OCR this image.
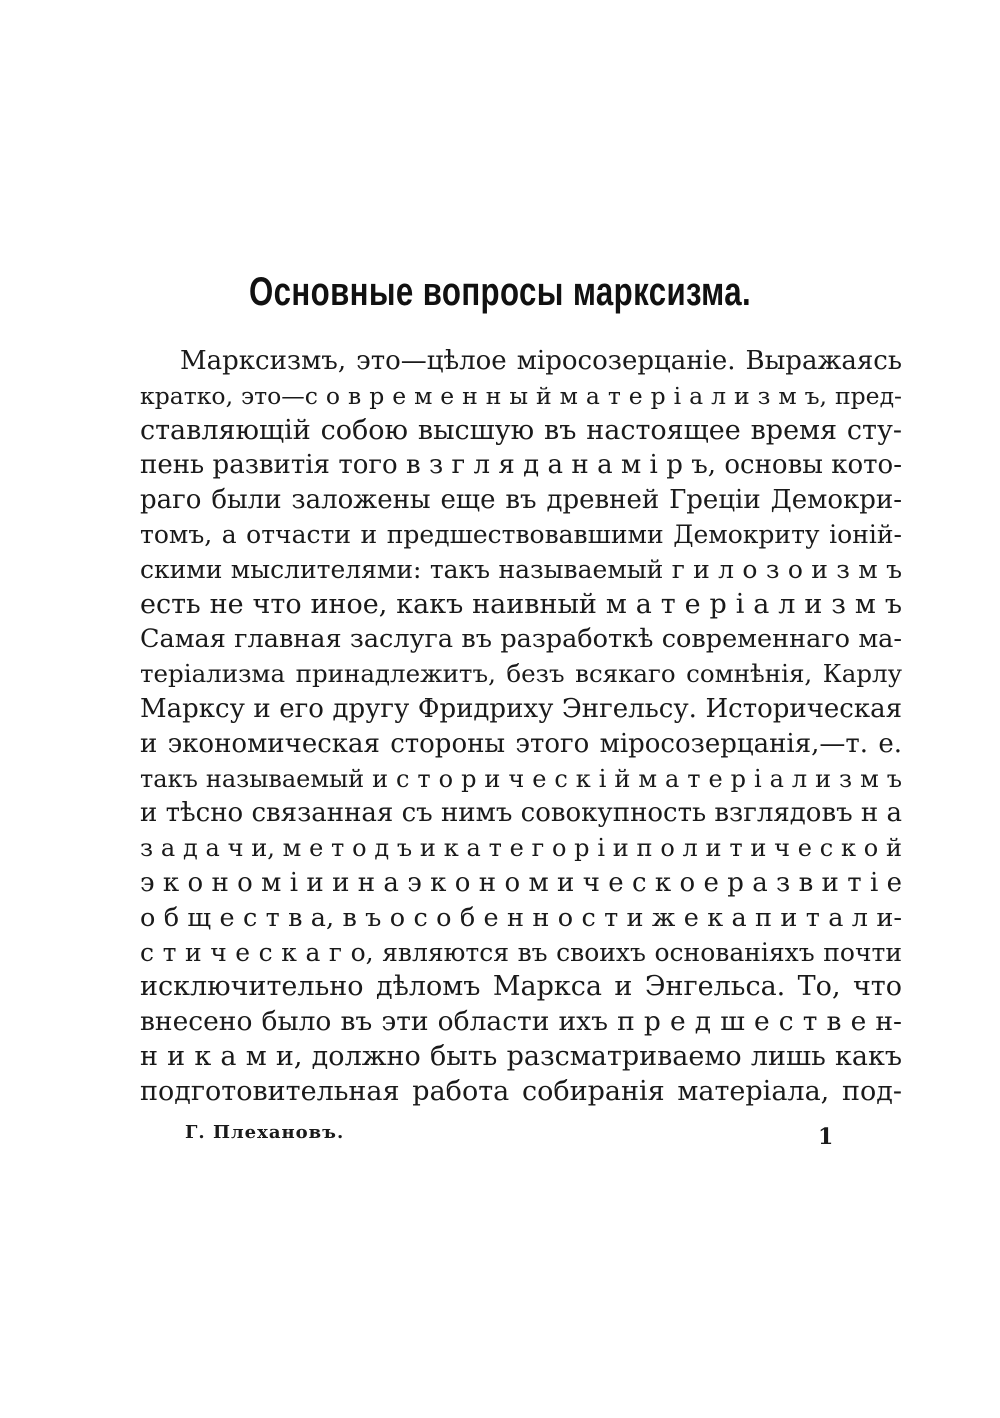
Основные вопросы марксизма.
Марксизмъ, это—цѣлое міросозерцаніе. Выражаясь
кратко, это—с о в р е м е н н ы й м а т е р і а л и з м ъ, пред-
ставляющій собою высшую въ настоящее время сту-
пень развитія того в з г л я д а н а м і р ъ, основы кото-
раго были заложены еще въ древней Греціи Демокри-
томъ, а отчасти и предшествовавшими Демокриту іоній-
скими мыслителями: такъ называемый г и л о з о и з м ъ
есть не что иное, какъ наивный м а т е р і а л и з м ъ
Самая главная заслуга въ разработкѣ современнаго ма-
теріализма принадлежитъ, безъ всякаго сомнѣнія, Карлу
Марксу и его другу Фридриху Энгельсу. Историческая
и экономическая стороны этого міросозерцанія,—т. е.
такъ называемый и с т о р и ч е с к і й м а т е р і а л и з м ъ
и тѣсно связанная съ нимъ совокупность взглядовъ н а
з а д а ч и, м е т о д ъ и к а т е г о р і и п о л и т и ч е с к о й
э к о н о м і и и н а э к о н о м и ч е с к о е р а з в и т і е
о б щ е с т в а, в ъ о с о б е н н о с т и ж е к а п и т а л и-
с т и ч е с к а г о, являются въ своихъ основаніяхъ почти
исключительно дѣломъ Маркса и Энгельса. То, что
внесено было въ эти области ихъ п р е д ш е с т в е н-
н и к а м и, должно быть разсматриваемо лишь какъ
подготовительная работа собиранія матеріала, под-
Г. Плехановъ.	1
